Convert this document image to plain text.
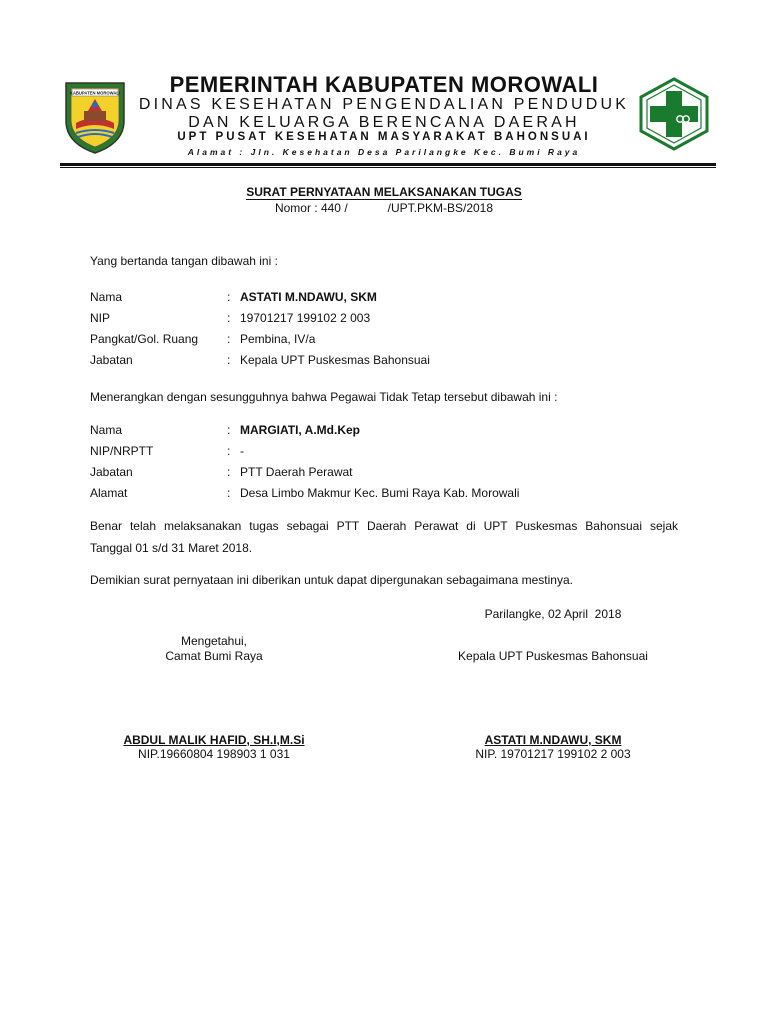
KABUPATEN MOROWALI	PEMERINTAH KABUPATEN MOROWALI
DINAS KESEHATAN PENGENDALIAN PENDUDUK
DAN KELUARGA BERENCANA DAERAH
UPT PUSAT KESEHATAN MASYARAKAT BAHONSUAI
Alamat : Jln. Kesehatan Desa Parilangke Kec. Bumi Raya
SURAT PERNYATAAN MELAKSANAKAN TUGAS
Nomor : 440 /            /UPT.PKM-BS/2018
Yang bertanda tangan dibawah ini :
Nama	: ASTATI M.NDAWU, SKM
NIP	: 19701217 199102 2 003
Pangkat/Gol. Ruang : Pembina, IV/a
Jabatan	: Kepala UPT Puskesmas Bahonsuai
Menerangkan dengan sesungguhnya bahwa Pegawai Tidak Tetap tersebut dibawah ini :
Nama	: MARGIATI, A.Md.Kep
NIP/NRPTT	: -
Jabatan	: PTT Daerah Perawat
Alamat	: Desa Limbo Makmur Kec. Bumi Raya Kab. Morowali
Benar telah melaksanakan tugas sebagai PTT Daerah Perawat di UPT Puskesmas Bahonsuai sejak
Tanggal 01 s/d 31 Maret 2018.
Demikian surat pernyataan ini diberikan untuk dapat dipergunakan sebagaimana mestinya.
Parilangke, 02 April  2018
Mengetahui,
Camat Bumi Raya
ABDUL MALIK HAFID, SH.I,M.Si
NIP.19660804 198903 1 031
Kepala UPT Puskesmas Bahonsuai
ASTATI M.NDAWU, SKM
NIP. 19701217 199102 2 003
